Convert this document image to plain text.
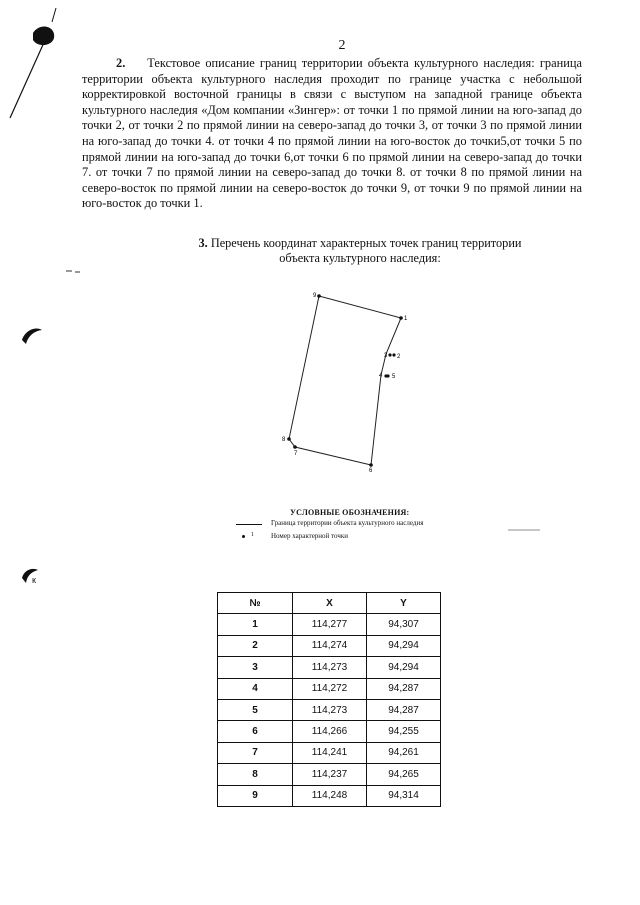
к
2
2. Текстовое описание границ территории объекта культурного наследия: граница территории объекта культурного наследия проходит по границе участка с небольшой корректировкой восточной границы в связи с выступом на западной границе объекта культурного наследия «Дом компании «Зингер»: от точки 1 по прямой линии на юго-запад до точки 2, от точки 2 по прямой линии на северо-запад до точки 3, от точки 3 по прямой линии на юго-запад до точки 4. от точки 4 по прямой линии на юго-восток до точки5,от точки 5 по прямой линии на юго-запад до точки 6,от точки 6 по прямой линии на северо-запад до точки 7. от точки 7 по прямой линии на северо-запад до точки 8. от точки 8 по прямой линии на северо-восток по прямой линии на северо-восток до точки 9, от точки 9 по прямой линии на юго-восток до точки 1.
3. Перечень координат характерных точек границ территории
объекта культурного наследия:
1
3 2
4 5
6
7
8
9
УСЛОВНЫЕ ОБОЗНАЧЕНИЯ:
Граница территории объекта культурного наследия
1 Номер характерной точки
№	X	Y
1	114,277	94,307
2	114,274	94,294
3	114,273	94,294
4	114,272	94,287
5	114,273	94,287
6	114,266	94,255
7	114,241	94,261
8	114,237	94,265
9	114,248	94,314
